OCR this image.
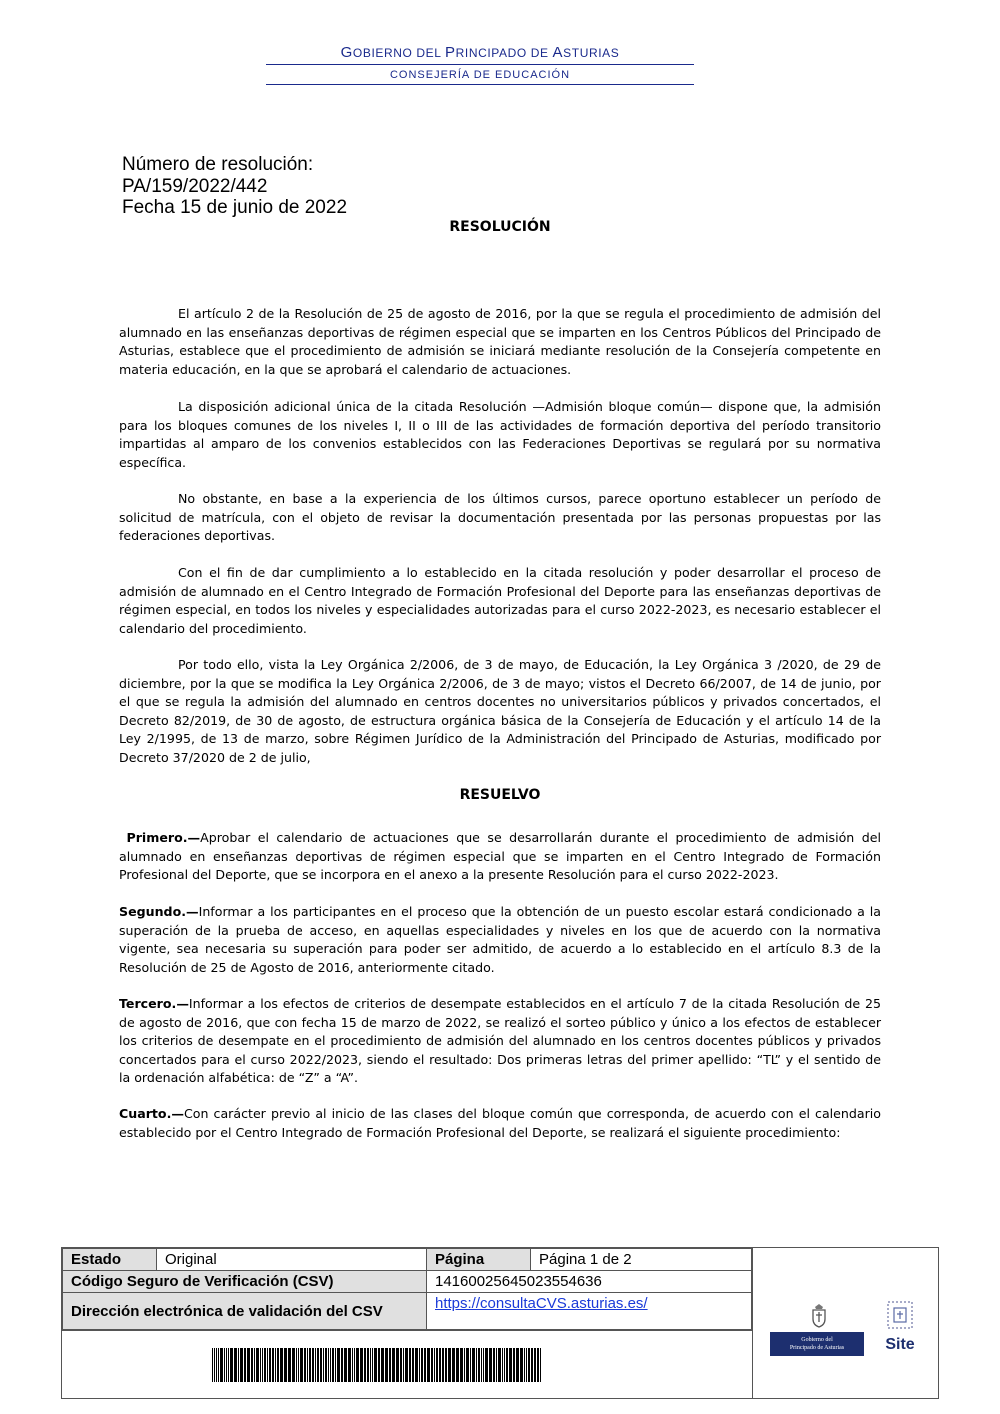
GOBIERNO DEL PRINCIPADO DE ASTURIAS
CONSEJERÍA DE EDUCACIÓN
Número de resolución:
PA/159/2022/442
Fecha 15 de junio de 2022
RESOLUCIÓN

El artículo 2 de la Resolución de 25 de agosto de 2016, por la que se regula el procedimiento de admisión del alumnado en las enseñanzas deportivas de régimen especial que se imparten en los Centros Públicos del Principado de Asturias, establece que el procedimiento de admisión se iniciará mediante resolución de la Consejería competente en materia educación, en la que se aprobará el calendario de actuaciones.

La disposición adicional única de la citada Resolución —Admisión bloque común— dispone que, la admisión para los bloques comunes de los niveles I, II o III de las actividades de formación deportiva del período transitorio impartidas al amparo de los convenios establecidos con las Federaciones Deportivas se regulará por su normativa específica.

No obstante, en base a la experiencia de los últimos cursos, parece oportuno establecer un período de solicitud de matrícula, con el objeto de revisar la documentación presentada por las personas propuestas por las federaciones deportivas.

Con el fin de dar cumplimiento a lo establecido en la citada resolución y poder desarrollar el proceso de admisión de alumnado en el Centro Integrado de Formación Profesional del Deporte para las enseñanzas deportivas de régimen especial, en todos los niveles y especialidades autorizadas para el curso 2022-2023, es necesario establecer el calendario del procedimiento.

Por todo ello, vista la Ley Orgánica 2/2006, de 3 de mayo, de Educación, la Ley Orgánica 3 /2020, de 29 de diciembre, por la que se modifica la Ley Orgánica 2/2006, de 3 de mayo; vistos el Decreto 66/2007, de 14 de junio, por el que se regula la admisión del alumnado en centros docentes no universitarios públicos y privados concertados, el Decreto 82/2019, de 30 de agosto, de estructura orgánica básica de la Consejería de Educación y el artículo 14 de la Ley 2/1995, de 13 de marzo, sobre Régimen Jurídico de la Administración del Principado de Asturias, modificado por Decreto 37/2020 de 2 de julio,

RESUELVO

Primero.—Aprobar el calendario de actuaciones que se desarrollarán durante el procedimiento de admisión del alumnado en enseñanzas deportivas de régimen especial que se imparten en el Centro Integrado de Formación Profesional del Deporte, que se incorpora en el anexo a la presente Resolución para el curso 2022-2023.

Segundo.—Informar a los participantes en el proceso que la obtención de un puesto escolar estará condicionado a la superación de la prueba de acceso, en aquellas especialidades y niveles en los que de acuerdo con la normativa vigente, sea necesaria su superación para poder ser admitido, de acuerdo a lo establecido en el artículo 8.3 de la Resolución de 25 de Agosto de 2016, anteriormente citado.

Tercero.—Informar a los efectos de criterios de desempate establecidos en el artículo 7 de la citada Resolución de 25 de agosto de 2016, que con fecha 15 de marzo de 2022, se realizó el sorteo público y único a los efectos de establecer los criterios de desempate en el procedimiento de admisión del alumnado en los centros docentes públicos y privados concertados para el curso 2022/2023, siendo el resultado: Dos primeras letras del primer apellido: “TL” y el sentido de la ordenación alfabética: de “Z” a “A”.

Cuarto.—Con carácter previo al inicio de las clases del bloque común que corresponda, de acuerdo con el calendario establecido por el Centro Integrado de Formación Profesional del Deporte, se realizará el siguiente procedimiento:

Estado	Original	Página	Página 1 de 2
Código Seguro de Verificación (CSV)		14160025645023554636	
Dirección electrónica de validación del CSV		https://consultaCVS.asturias.es/	
Gobierno del
Principado de Asturias	Site
